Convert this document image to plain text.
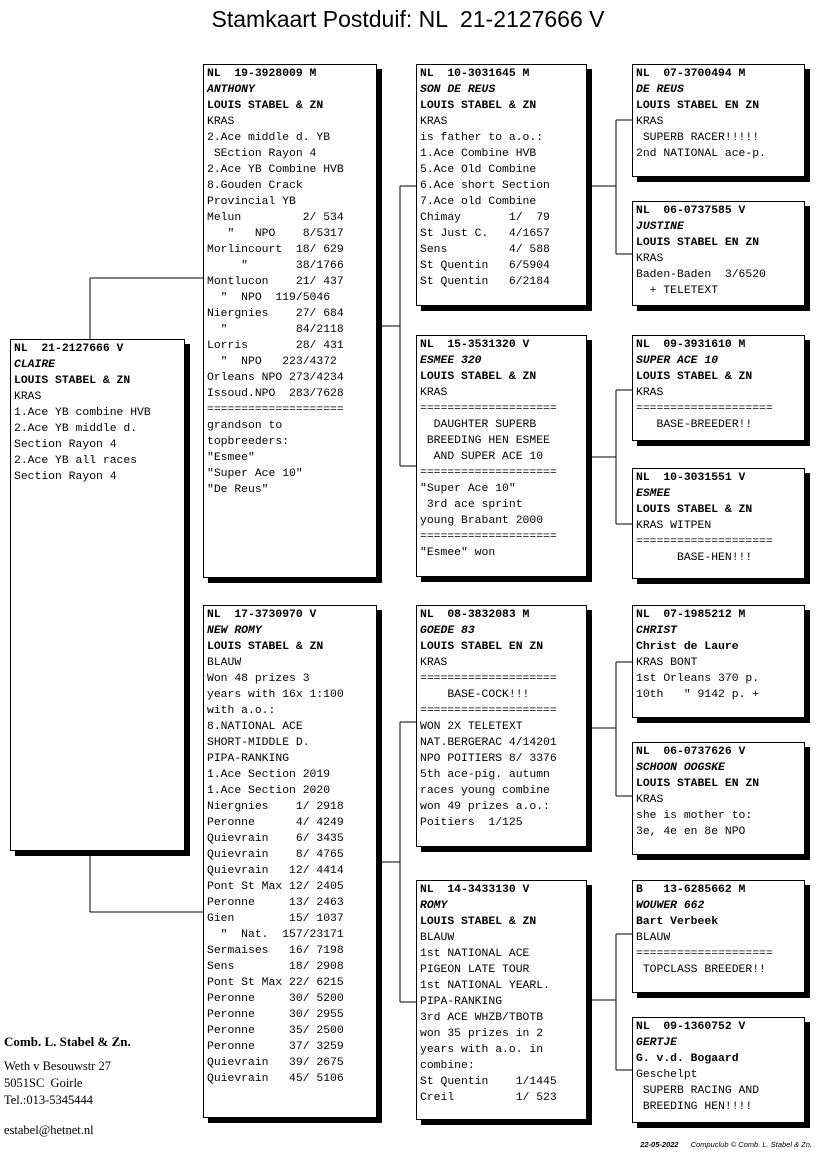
Stamkaart Postduif: NL  21-2127666 V
NL  21-2127666 V
CLAIRE
LOUIS STABEL & ZN
KRAS
1.Ace YB combine HVB
2.Ace YB middle d.
Section Rayon 4
2.Ace YB all races
Section Rayon 4
NL  19-3928009 M
ANTHONY
LOUIS STABEL & ZN
KRAS
2.Ace middle d. YB
SEction Rayon 4
2.Ace YB Combine HVB
8.Gouden Crack
Provincial YB
Melun         2/ 534
"   NPO    8/5317
Morlincourt  18/ 629
"       38/1766
Montlucon    21/ 437
"  NPO  119/5046
Niergnies    27/ 684
"          84/2118
Lorris       28/ 431
"  NPO   223/4372
Orleans NPO 273/4234
Issoud.NPO  283/7628
====================
grandson to
topbreeders:
"Esmee"
"Super Ace 10"
"De Reus"
NL  17-3730970 V
NEW ROMY
LOUIS STABEL & ZN
BLAUW
Won 48 prizes 3
years with 16x 1:100
with a.o.:
8.NATIONAL ACE
SHORT-MIDDLE D.
PIPA-RANKING
1.Ace Section 2019
1.Ace Section 2020
Niergnies    1/ 2918
Peronne      4/ 4249
Quievrain    6/ 3435
Quievrain    8/ 4765
Quievrain   12/ 4414
Pont St Max 12/ 2405
Peronne     13/ 2463
Gien        15/ 1037
"  Nat.  157/23171
Sermaises   16/ 7198
Sens        18/ 2908
Pont St Max 22/ 6215
Peronne     30/ 5200
Peronne     30/ 2955
Peronne     35/ 2500
Peronne     37/ 3259
Quievrain   39/ 2675
Quievrain   45/ 5106
NL  10-3031645 M
SON DE REUS
LOUIS STABEL & ZN
KRAS
is father to a.o.:
1.Ace Combine HVB
5.Ace Old Combine
6.Ace short Section
7.Ace old Combine
Chimay       1/  79
St Just C.   4/1657
Sens         4/ 588
St Quentin   6/5904
St Quentin   6/2184
NL  15-3531320 V
ESMEE 320
LOUIS STABEL & ZN
KRAS
====================
DAUGHTER SUPERB
BREEDING HEN ESMEE
AND SUPER ACE 10
====================
"Super Ace 10"
3rd ace sprint
young Brabant 2000
====================
"Esmee" won
NL  08-3832083 M
GOEDE 83
LOUIS STABEL EN ZN
KRAS
====================
BASE-COCK!!!
====================
WON 2X TELETEXT
NAT.BERGERAC 4/14201
NPO POITIERS 8/ 3376
5th ace-pig. autumn
races young combine
won 49 prizes a.o.:
Poitiers  1/125
NL  14-3433130 V
ROMY
LOUIS STABEL & ZN
BLAUW
1st NATIONAL ACE
PIGEON LATE TOUR
1st NATIONAL YEARL.
PIPA-RANKING
3rd ACE WHZB/TBOTB
won 35 prizes in 2
years with a.o. in
combine:
St Quentin    1/1445
Creil         1/ 523
NL  07-3700494 M
DE REUS
LOUIS STABEL EN ZN
KRAS
SUPERB RACER!!!!!
2nd NATIONAL ace-p.
NL  06-0737585 V
JUSTINE
LOUIS STABEL EN ZN
KRAS
Baden-Baden  3/6520
+ TELETEXT
NL  09-3931610 M
SUPER ACE 10
LOUIS STABEL & ZN
KRAS
====================
BASE-BREEDER!!
NL  10-3031551 V
ESMEE
LOUIS STABEL & ZN
KRAS WITPEN
====================
BASE-HEN!!!
NL  07-1985212 M
CHRIST
Christ de Laure
KRAS BONT
1st Orleans 370 p.
10th   " 9142 p. +
NL  06-0737626 V
SCHOON OOGSKE
LOUIS STABEL EN ZN
KRAS
she is mother to:
3e, 4e en 8e NPO
B   13-6285662 M
WOUWER 662
Bart Verbeek
BLAUW
====================
TOPCLASS BREEDER!!
NL  09-1360752 V
GERTJE
G. v.d. Bogaard
Geschelpt
SUPERB RACING AND
BREEDING HEN!!!!
Comb. L. Stabel & Zn.
Weth v Besouwstr 27
5051SC  Goirle
Tel.:013-5345444
estabel@hetnet.nl
22-05-2022 Compuclub © Comb. L. Stabel & Zn.
